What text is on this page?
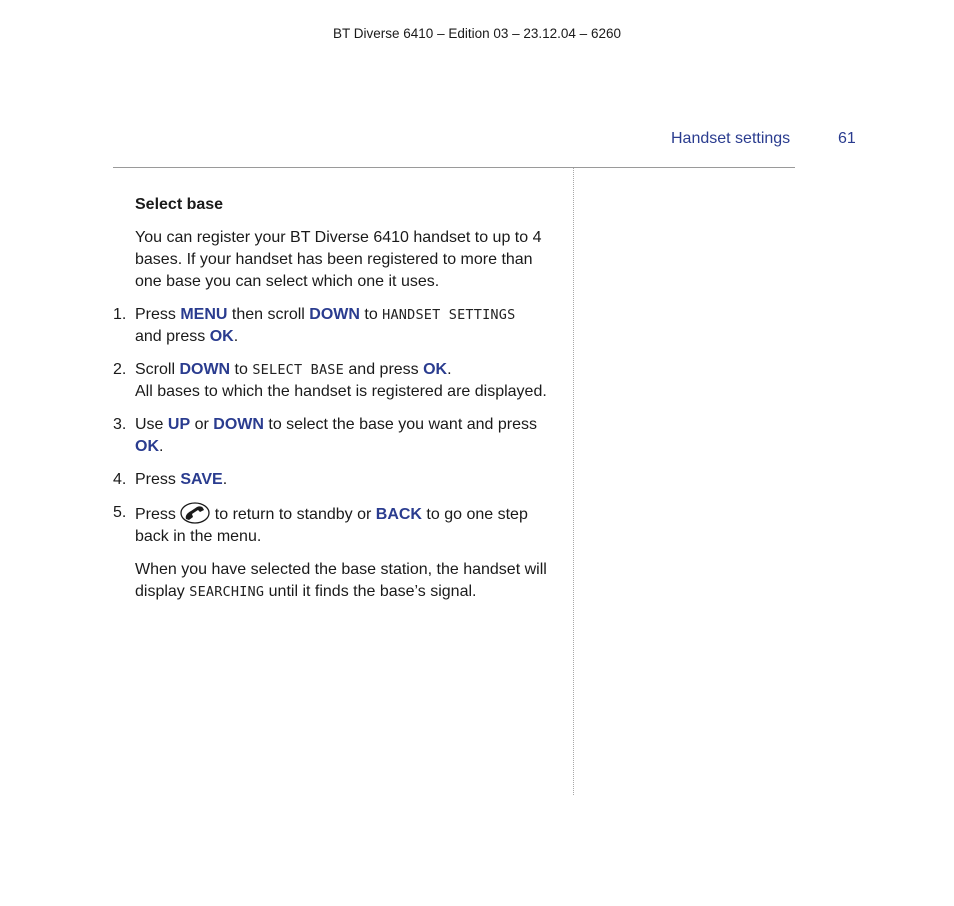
BT Diverse 6410 – Edition 03 – 23.12.04 – 6260
Handset settings	61
Select base
You can register your BT Diverse 6410 handset to up to 4 bases. If your handset has been registered to more than one base you can select which one it uses.
1. Press MENU then scroll DOWN to HANDSET SETTINGS
and press OK.
2. Scroll DOWN to SELECT BASE and press OK.
All bases to which the handset is registered are displayed.
3. Use UP or DOWN to select the base you want and press OK.
4. Press SAVE.
5. Press  to return to standby or BACK to go one step back in the menu.
When you have selected the base station, the handset will display SEARCHING until it finds the base’s signal.
